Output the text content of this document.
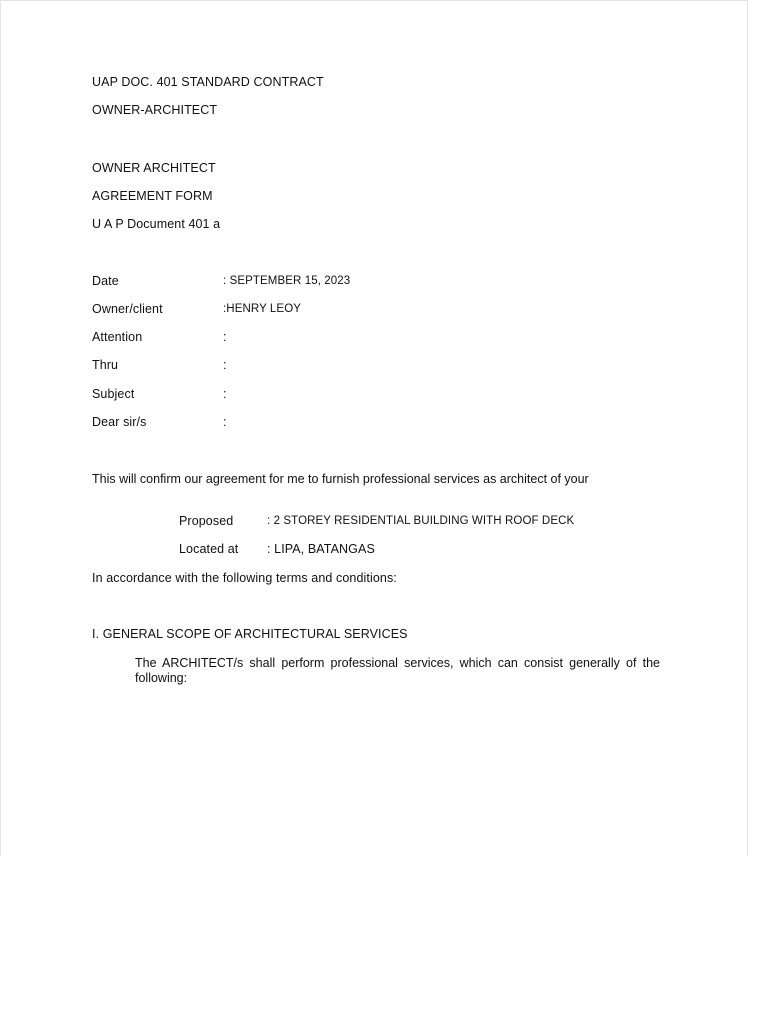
UAP DOC. 401 STANDARD CONTRACT
OWNER-ARCHITECT
OWNER ARCHITECT
AGREEMENT FORM
U A P Document 401 a
Date	: SEPTEMBER 15, 2023
Owner/client	:HENRY LEOY
Attention	:
Thru	:
Subject	:
Dear sir/s	:
This will confirm our agreement for me to furnish professional services as architect of your
Proposed	: 2 STOREY RESIDENTIAL BUILDING WITH ROOF DECK
Located at : LIPA, BATANGAS
In accordance with the following terms and conditions:
I. GENERAL SCOPE OF ARCHITECTURAL SERVICES
The ARCHITECT/s shall perform professional services, which can consist generally of the following:
